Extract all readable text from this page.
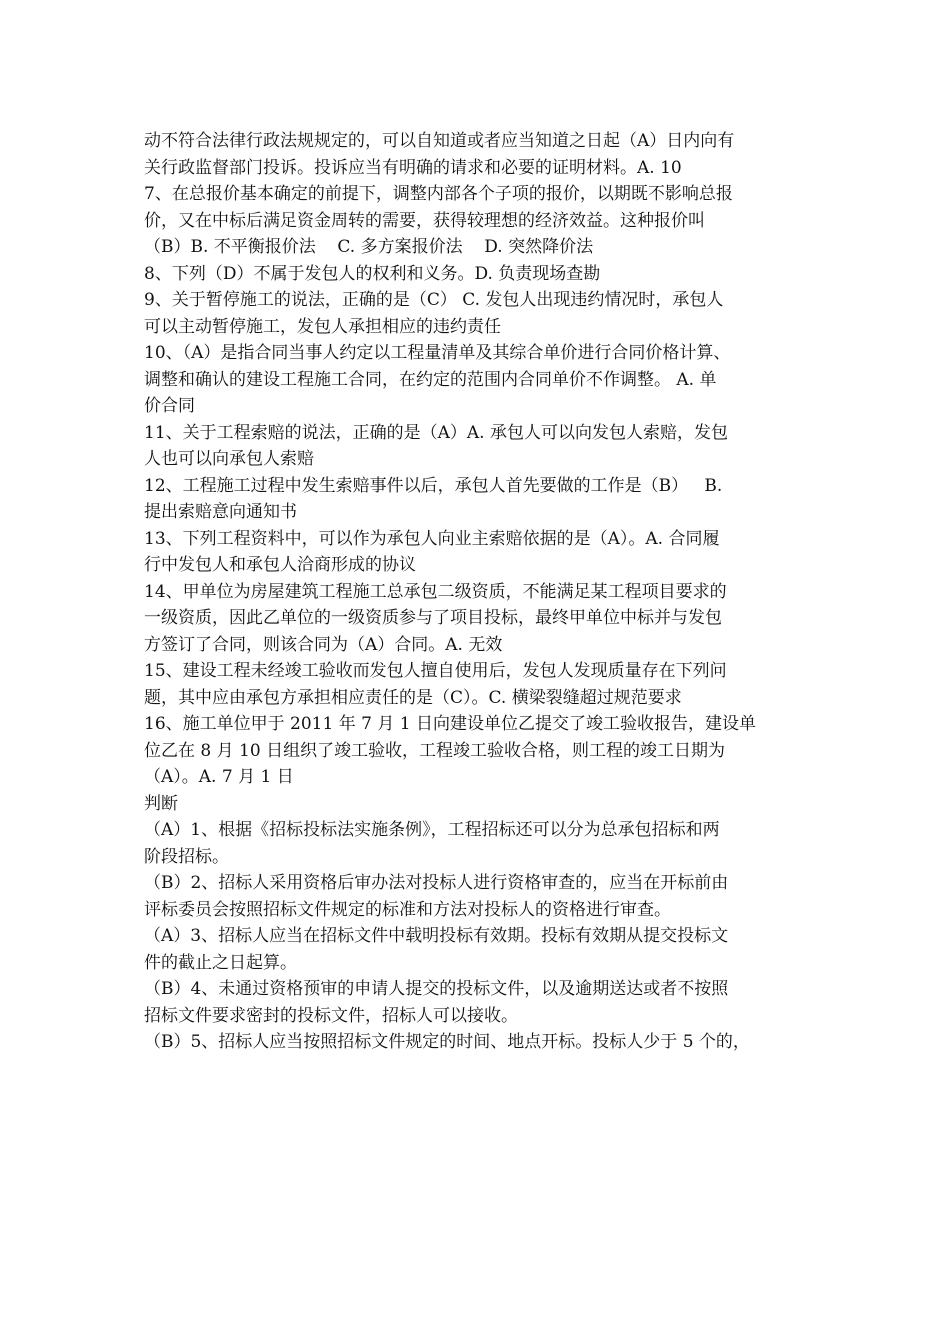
动不符合法律行政法规规定的，可以自知道或者应当知道之日起（A）日内向有
关行政监督部门投诉。投诉应当有明确的请求和必要的证明材料。A. 10
7、在总报价基本确定的前提下，调整内部各个子项的报价，以期既不影响总报
价，又在中标后满足资金周转的需要，获得较理想的经济效益。这种报价叫
（B）B. 不平衡报价法    C. 多方案报价法    D. 突然降价法
8、下列（D）不属于发包人的权利和义务。D. 负责现场查勘
9、关于暂停施工的说法，正确的是（C） C. 发包人出现违约情况时，承包人
可以主动暂停施工，发包人承担相应的违约责任
10、（A）是指合同当事人约定以工程量清单及其综合单价进行合同价格计算、
调整和确认的建设工程施工合同，在约定的范围内合同单价不作调整。 A. 单
价合同
11、关于工程索赔的说法，正确的是（A）A. 承包人可以向发包人索赔，发包
人也可以向承包人索赔
12、工程施工过程中发生索赔事件以后，承包人首先要做的工作是（B）   B.
提出索赔意向通知书
13、下列工程资料中，可以作为承包人向业主索赔依据的是（A）。A. 合同履
行中发包人和承包人洽商形成的协议
14、甲单位为房屋建筑工程施工总承包二级资质，不能满足某工程项目要求的
一级资质，因此乙单位的一级资质参与了项目投标，最终甲单位中标并与发包
方签订了合同，则该合同为（A）合同。A. 无效
15、建设工程未经竣工验收而发包人擅自使用后，发包人发现质量存在下列问
题，其中应由承包方承担相应责任的是（C）。C. 横梁裂缝超过规范要求
16、施工单位甲于 2011 年 7 月 1 日向建设单位乙提交了竣工验收报告，建设单
位乙在 8 月 10 日组织了竣工验收，工程竣工验收合格，则工程的竣工日期为
（A）。A. 7 月 1 日
判断
（A）1、根据《招标投标法实施条例》，工程招标还可以分为总承包招标和两
阶段招标。
（B）2、招标人采用资格后审办法对投标人进行资格审查的，应当在开标前由
评标委员会按照招标文件规定的标准和方法对投标人的资格进行审查。
（A）3、招标人应当在招标文件中载明投标有效期。投标有效期从提交投标文
件的截止之日起算。
（B）4、未通过资格预审的申请人提交的投标文件，以及逾期送达或者不按照
招标文件要求密封的投标文件，招标人可以接收。
（B）5、招标人应当按照招标文件规定的时间、地点开标。投标人少于 5 个的，
